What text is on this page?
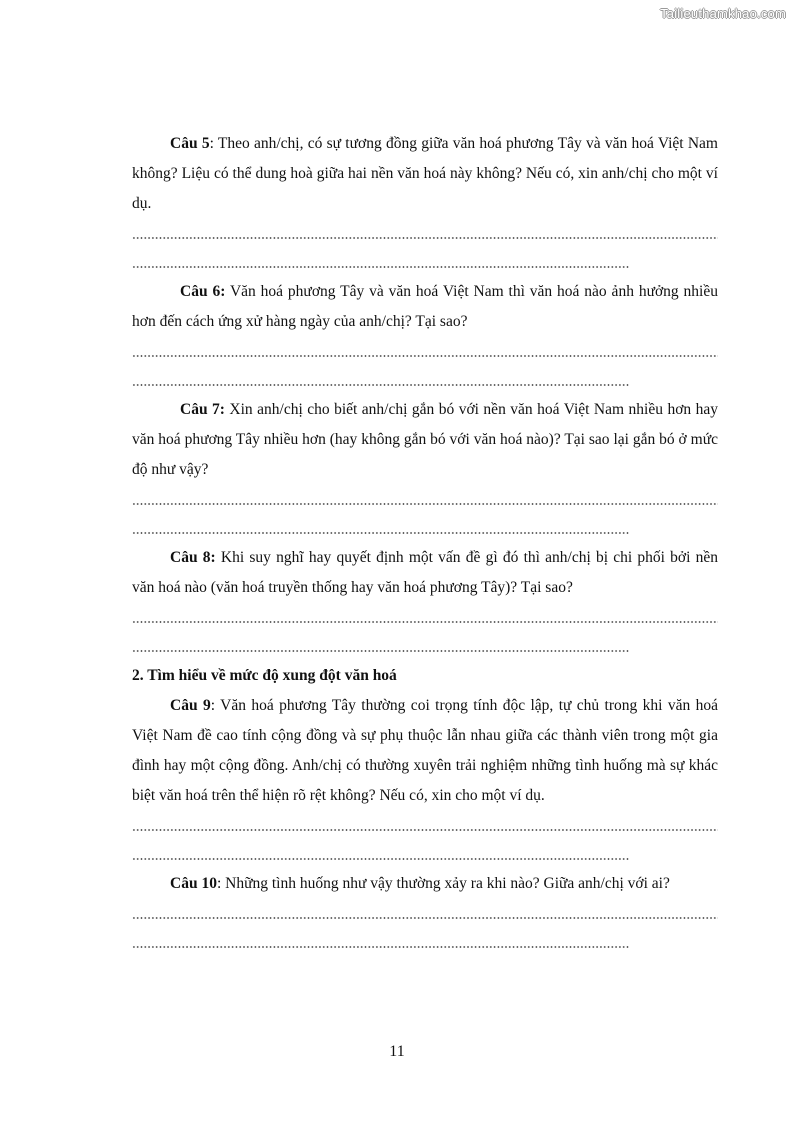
Tailieuthamkhao.com

Câu 5: Theo anh/chị, có sự tương đồng giữa văn hoá phương Tây và văn hoá Việt Nam không? Liệu có thể dung hoà giữa hai nền văn hoá này không? Nếu có, xin anh/chị cho một ví dụ.

Câu 6: Văn hoá phương Tây và văn hoá Việt Nam thì văn hoá nào ảnh hưởng nhiều hơn đến cách ứng xử hàng ngày của anh/chị? Tại sao?

Câu 7: Xin anh/chị cho biết anh/chị gắn bó với nền văn hoá Việt Nam nhiều hơn hay văn hoá phương Tây nhiều hơn (hay không gắn bó với văn hoá nào)? Tại sao lại gắn bó ở mức độ như vậy?

Câu 8: Khi suy nghĩ hay quyết định một vấn đề gì đó thì anh/chị bị chi phối bởi nền văn hoá nào (văn hoá truyền thống hay văn hoá phương Tây)? Tại sao?

2. Tìm hiểu về mức độ xung đột văn hoá

Câu 9: Văn hoá phương Tây thường coi trọng tính độc lập, tự chủ trong khi văn hoá Việt Nam đề cao tính cộng đồng và sự phụ thuộc lẫn nhau giữa các thành viên trong một gia đình hay một cộng đồng. Anh/chị có thường xuyên trải nghiệm những tình huống mà sự khác biệt văn hoá trên thể hiện rõ rệt không? Nếu có, xin cho một ví dụ.

Câu 10: Những tình huống như vậy thường xảy ra khi nào? Giữa anh/chị với ai?

11
